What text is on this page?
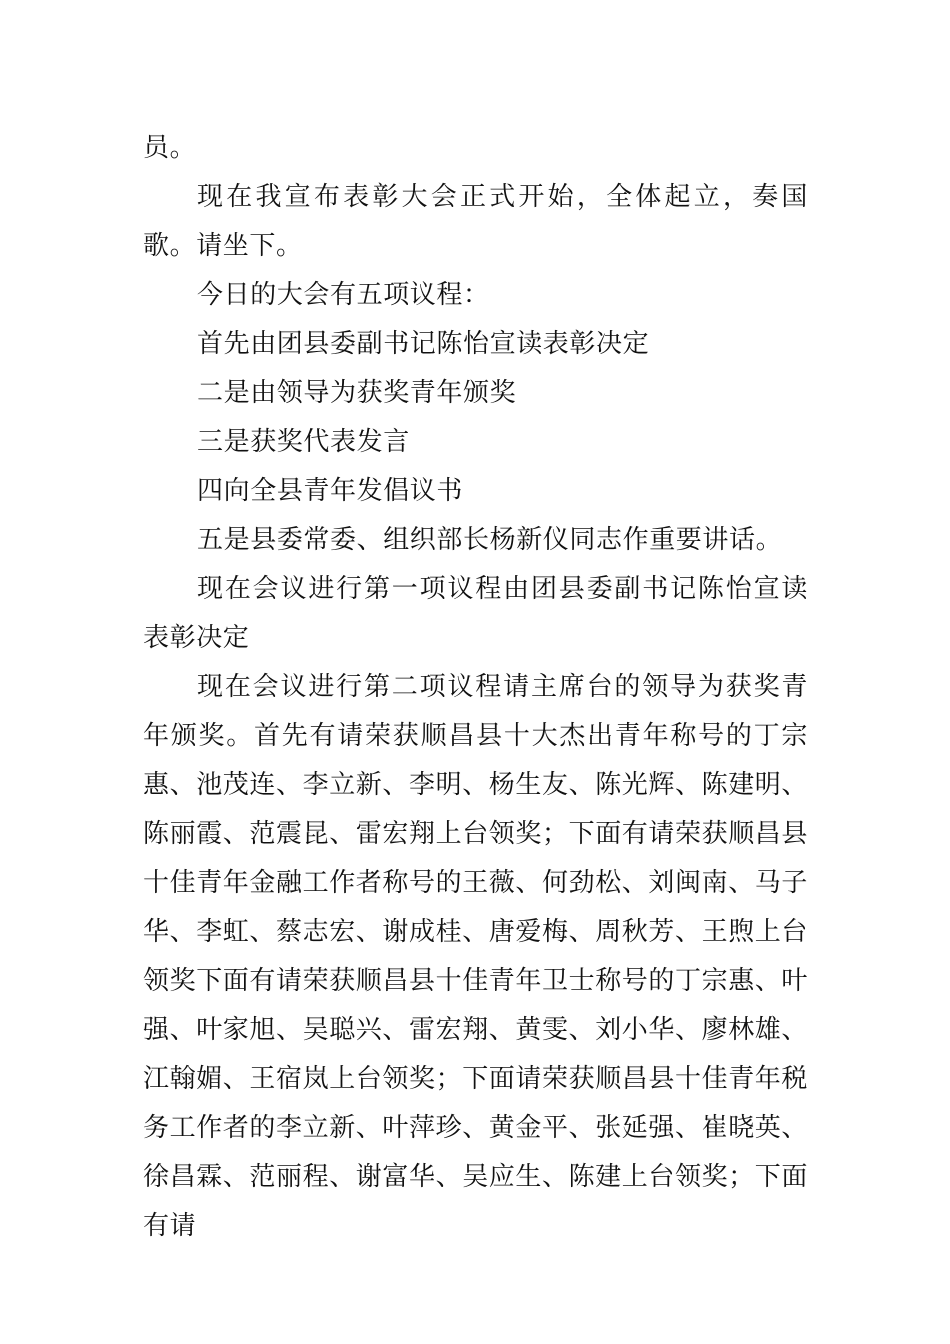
员。

现在我宣布表彰大会正式开始，全体起立，奏国歌。请坐下。

今日的大会有五项议程：

首先由团县委副书记陈怡宣读表彰决定

二是由领导为获奖青年颁奖

三是获奖代表发言

四向全县青年发倡议书

五是县委常委、组织部长杨新仪同志作重要讲话。

现在会议进行第一项议程由团县委副书记陈怡宣读表彰决定

现在会议进行第二项议程请主席台的领导为获奖青年颁奖。首先有请荣获顺昌县十大杰出青年称号的丁宗惠、池茂连、李立新、李明、杨生友、陈光辉、陈建明、陈丽霞、范震昆、雷宏翔上台领奖；下面有请荣获顺昌县十佳青年金融工作者称号的王薇、何劲松、刘闽南、马子华、李虹、蔡志宏、谢成桂、唐爱梅、周秋芳、王煦上台领奖下面有请荣获顺昌县十佳青年卫士称号的丁宗惠、叶强、叶家旭、吴聪兴、雷宏翔、黄雯、刘小华、廖林雄、江翰媚、王宿岚上台领奖；下面请荣获顺昌县十佳青年税务工作者的李立新、叶萍珍、黄金平、张延强、崔晓英、徐昌霖、范丽程、谢富华、吴应生、陈建上台领奖；下面有请
